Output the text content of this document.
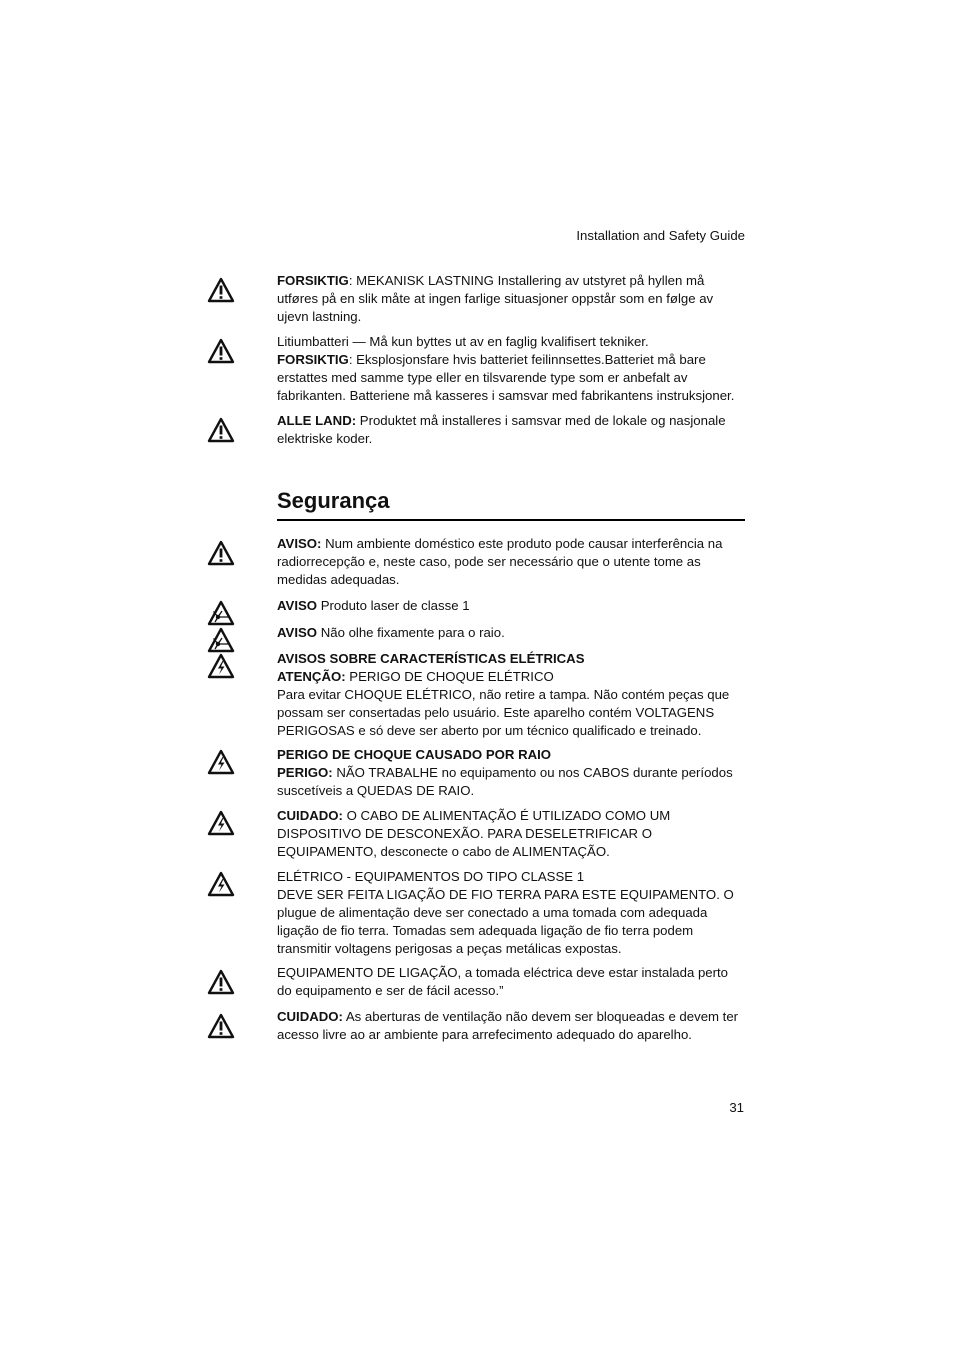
Installation and Safety Guide
FORSIKTIG: MEKANISK LASTNING Installering av utstyret på hyllen må utføres på en slik måte at ingen farlige situasjoner oppstår som en følge av ujevn lastning.
Litiumbatteri — Må kun byttes ut av en faglig kvalifisert tekniker.
FORSIKTIG: Eksplosjonsfare hvis batteriet feilinnsettes.Batteriet må bare erstattes med samme type eller en tilsvarende type som er anbefalt av fabrikanten. Batteriene må kasseres i samsvar med fabrikantens instruksjoner.
ALLE LAND: Produktet må installeres i samsvar med de lokale og nasjonale elektriske koder.
Segurança
AVISO: Num ambiente doméstico este produto pode causar interferência na radiorrecepção e, neste caso, pode ser necessário que o utente tome as medidas adequadas.
AVISO Produto laser de classe 1
AVISO Não olhe fixamente para o raio.
AVISOS SOBRE CARACTERÍSTICAS ELÉTRICAS
ATENÇÃO: PERIGO DE CHOQUE ELÉTRICO
Para evitar CHOQUE ELÉTRICO, não retire a tampa. Não contém peças que possam ser consertadas pelo usuário. Este aparelho contém VOLTAGENS PERIGOSAS e só deve ser aberto por um técnico qualificado e treinado.
PERIGO DE CHOQUE CAUSADO POR RAIO
PERIGO: NÃO TRABALHE no equipamento ou nos CABOS durante períodos suscetíveis a QUEDAS DE RAIO.
CUIDADO: O CABO DE ALIMENTAÇÃO É UTILIZADO COMO UM DISPOSITIVO DE DESCONEXÃO. PARA DESELETRIFICAR O EQUIPAMENTO, desconecte o cabo de ALIMENTAÇÃO.
ELÉTRICO - EQUIPAMENTOS DO TIPO CLASSE 1
DEVE SER FEITA LIGAÇÃO DE FIO TERRA PARA ESTE EQUIPAMENTO. O plugue de alimentação deve ser conectado a uma tomada com adequada ligação de fio terra. Tomadas sem adequada ligação de fio terra podem transmitir voltagens perigosas a peças metálicas expostas.
EQUIPAMENTO DE LIGAÇÃO, a tomada eléctrica deve estar instalada perto do equipamento e ser de fácil acesso.”
CUIDADO: As aberturas de ventilação não devem ser bloqueadas e devem ter acesso livre ao ar ambiente para arrefecimento adequado do aparelho.
31
